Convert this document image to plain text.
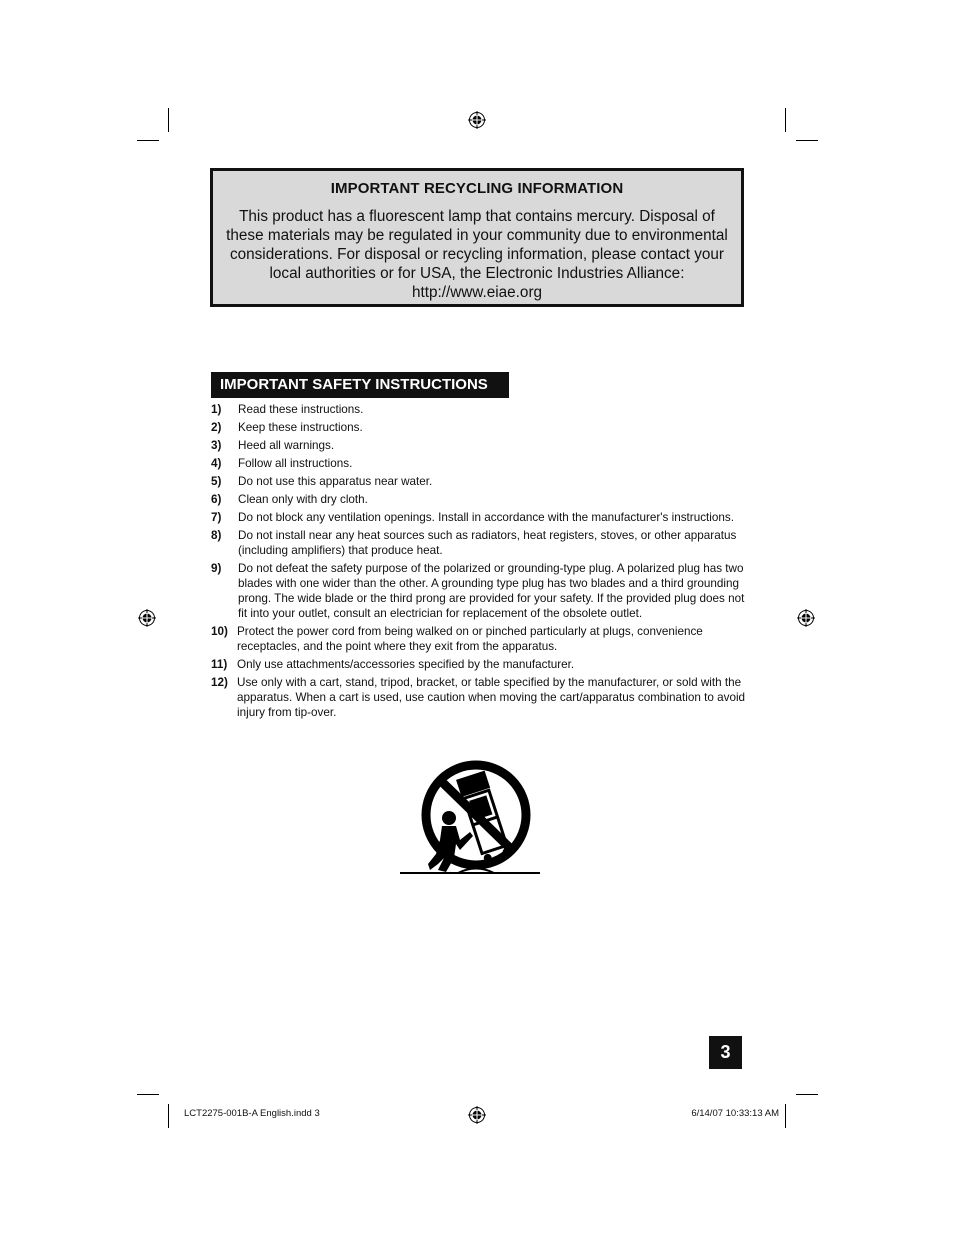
IMPORTANT RECYCLING INFORMATION
This product has a fluorescent lamp that contains mercury. Disposal of these materials may be regulated in your community due to environmental considerations. For disposal or recycling information, please contact your local authorities or for USA, the Electronic Industries Alliance: http://www.eiae.org
IMPORTANT SAFETY INSTRUCTIONS
1) Read these instructions.
2) Keep these instructions.
3) Heed all warnings.
4) Follow all instructions.
5) Do not use this apparatus near water.
6) Clean only with dry cloth.
7) Do not block any ventilation openings. Install in accordance with the manufacturer's instructions.
8) Do not install near any heat sources such as radiators, heat registers, stoves, or other apparatus (including amplifiers) that produce heat.
9) Do not defeat the safety purpose of the polarized or grounding-type plug. A polarized plug has two blades with one wider than the other. A grounding type plug has two blades and a third grounding prong. The wide blade or the third prong are provided for your safety. If the provided plug does not fit into your outlet, consult an electrician for replacement of the obsolete outlet.
10) Protect the power cord from being walked on or pinched particularly at plugs, convenience receptacles, and the point where they exit from the apparatus.
11) Only use attachments/accessories specified by the manufacturer.
12) Use only with a cart, stand, tripod, bracket, or table specified by the manufacturer, or sold with the apparatus. When a cart is used, use caution when moving the cart/apparatus combination to avoid injury from tip-over.
3
LCT2275-001B-A English.indd 3	6/14/07 10:33:13 AM
